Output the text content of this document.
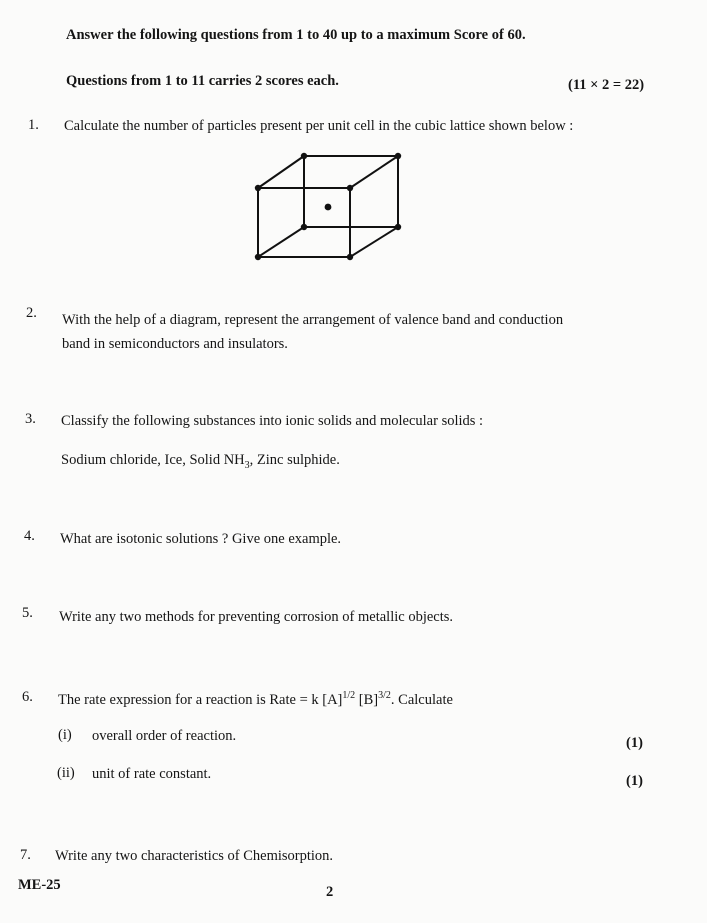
Answer the following questions from 1 to 40 up to a maximum Score of 60.
Questions from 1 to 11 carries 2 scores each.	(11 × 2 = 22)
1. Calculate the number of particles present per unit cell in the cubic lattice shown below :
2. With the help of a diagram, represent the arrangement of valence band and conduction
band in semiconductors and insulators.
3. Classify the following substances into ionic solids and molecular solids :
Sodium chloride, Ice, Solid $NH_3$, Zinc sulphide.
4. What are isotonic solutions ? Give one example.
5. Write any two methods for preventing corrosion of metallic objects.
6. The rate expression for a reaction is Rate = k $[A]^{1/2}$ $[B]^{3/2}$. Calculate
(i) overall order of reaction.	(1)
(ii) unit of rate constant.	(1)
7. Write any two characteristics of Chemisorption.
ME-25	2
